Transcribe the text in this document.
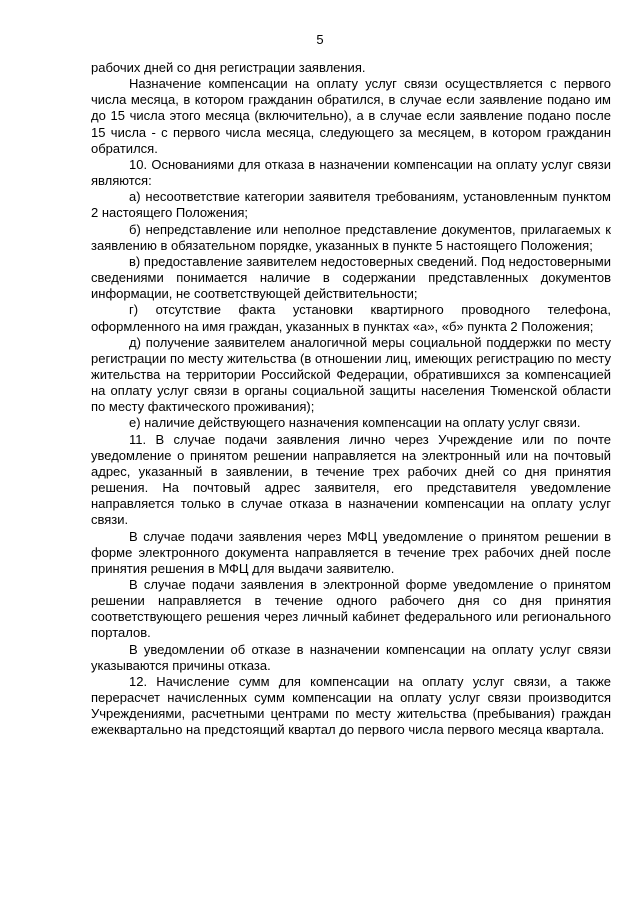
5

рабочих дней со дня регистрации заявления.

Назначение компенсации на оплату услуг связи осуществляется с первого числа месяца, в котором гражданин обратился, в случае если заявление подано им до 15 числа этого месяца (включительно), а в случае если заявление подано после 15 числа - с первого числа месяца, следующего за месяцем, в котором гражданин обратился.

10. Основаниями для отказа в назначении компенсации на оплату услуг связи являются:

а) несоответствие категории заявителя требованиям, установленным пунктом 2 настоящего Положения;

б) непредставление или неполное представление документов, прилагаемых к заявлению в обязательном порядке, указанных в пункте 5 настоящего Положения;

в) предоставление заявителем недостоверных сведений. Под недостоверными сведениями понимается наличие в содержании представленных документов информации, не соответствующей действительности;

г) отсутствие факта установки квартирного проводного телефона, оформленного на имя граждан, указанных в пунктах «а», «б» пункта 2 Положения;

д) получение заявителем аналогичной меры социальной поддержки по месту регистрации по месту жительства (в отношении лиц, имеющих регистрацию по месту жительства на территории Российской Федерации, обратившихся за компенсацией на оплату услуг связи в органы социальной защиты населения Тюменской области по месту фактического проживания);

е) наличие действующего назначения компенсации на оплату услуг связи.

11. В случае подачи заявления лично через Учреждение или по почте уведомление о принятом решении направляется на электронный или на почтовый адрес, указанный в заявлении, в течение трех рабочих дней со дня принятия решения. На почтовый адрес заявителя, его представителя уведомление направляется только в случае отказа в назначении компенсации на оплату услуг связи.

В случае подачи заявления через МФЦ уведомление о принятом решении в форме электронного документа направляется в течение трех рабочих дней после принятия решения в МФЦ для выдачи заявителю.

В случае подачи заявления в электронной форме уведомление о принятом решении направляется в течение одного рабочего дня со дня принятия соответствующего решения через личный кабинет федерального или регионального порталов.

В уведомлении об отказе в назначении компенсации на оплату услуг связи указываются причины отказа.

12. Начисление сумм для компенсации на оплату услуг связи, а также перерасчет начисленных сумм компенсации на оплату услуг связи производится Учреждениями, расчетными центрами по месту жительства (пребывания) граждан ежеквартально на предстоящий квартал до первого числа первого месяца квартала.
